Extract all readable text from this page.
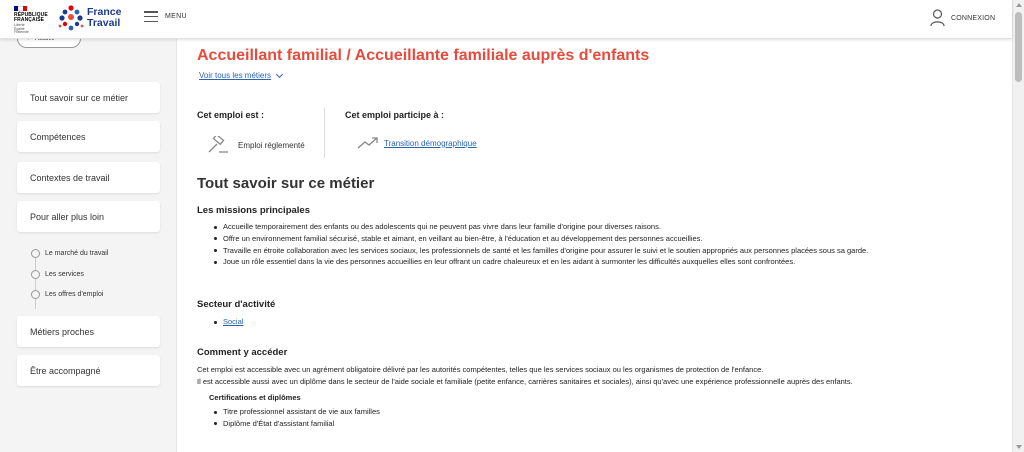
RÉPUBLIQUE
FRANÇAISE
Liberté
Égalité
Fraternité
France
Travail
MENU	CONNEXION
Tout savoir sur ce métier
Compétences
Contextes de travail
Pour aller plus loin
Le marché du travail
Les services
Les offres d'emploi
Métiers proches
Être accompagné
Accueillant familial / Accueillante familiale auprès d'enfants
Voir tous les métiers
Cet emploi est :
Emploi réglementé
Cet emploi participe à :
Transition démographique
Tout savoir sur ce métier
Les missions principales
Accueille temporairement des enfants ou des adolescents qui ne peuvent pas vivre dans leur famille d'origine pour diverses raisons.
Offre un environnement familial sécurisé, stable et aimant, en veillant au bien-être, à l'éducation et au développement des personnes accueillies.
Travaille en étroite collaboration avec les services sociaux, les professionnels de santé et les familles d'origine pour assurer le suivi et le soutien appropriés aux personnes placées sous sa garde.
Joue un rôle essentiel dans la vie des personnes accueillies en leur offrant un cadre chaleureux et en les aidant à surmonter les difficultés auxquelles elles sont confrontées.
Secteur d'activité
Social
Comment y accéder

Cet emploi est accessible avec un agrément obligatoire délivré par les autorités compétentes, telles que les services sociaux ou les organismes de protection de l'enfance.

Il est accessible aussi avec un diplôme dans le secteur de l'aide sociale et familiale (petite enfance, carrières sanitaires et sociales), ainsi qu'avec une expérience professionnelle auprès des enfants.

Certifications et diplômes
Titre professionnel assistant de vie aux familles
Diplôme d'État d'assistant familial
